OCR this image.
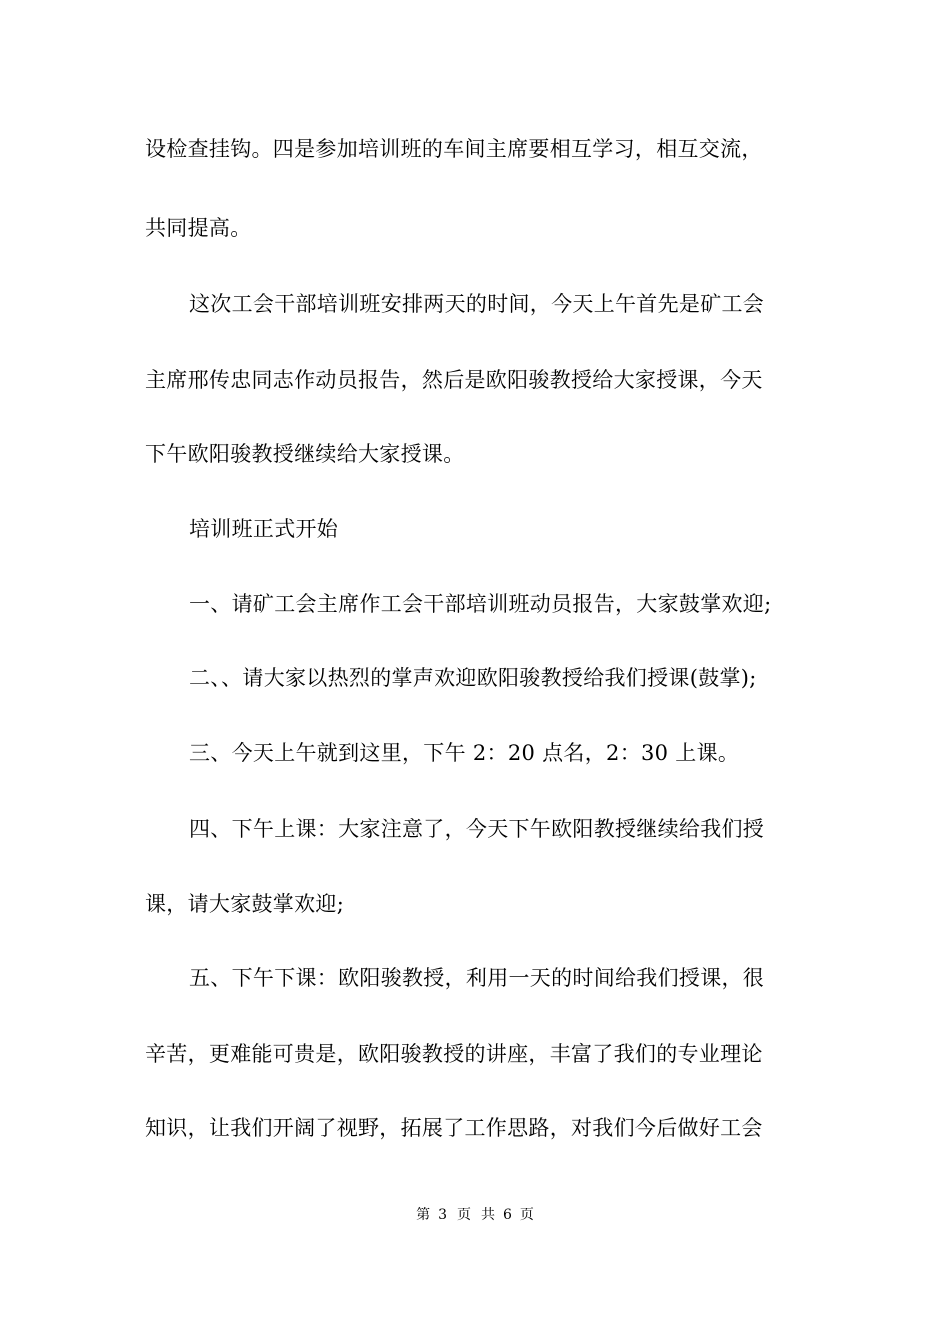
设检查挂钩。四是参加培训班的车间主席要相互学习，相互交流，
共同提高。
这次工会干部培训班安排两天的时间，今天上午首先是矿工会
主席邢传忠同志作动员报告，然后是欧阳骏教授给大家授课，今天
下午欧阳骏教授继续给大家授课。
培训班正式开始
一、请矿工会主席作工会干部培训班动员报告，大家鼓掌欢迎;
二、、请大家以热烈的掌声欢迎欧阳骏教授给我们授课(鼓掌);
三、今天上午就到这里，下午 2：20 点名，2：30 上课。
四、下午上课：大家注意了，今天下午欧阳教授继续给我们授
课，请大家鼓掌欢迎;
五、下午下课：欧阳骏教授，利用一天的时间给我们授课，很
辛苦，更难能可贵是，欧阳骏教授的讲座，丰富了我们的专业理论
知识，让我们开阔了视野，拓展了工作思路，对我们今后做好工会
第 3 页 共 6 页
